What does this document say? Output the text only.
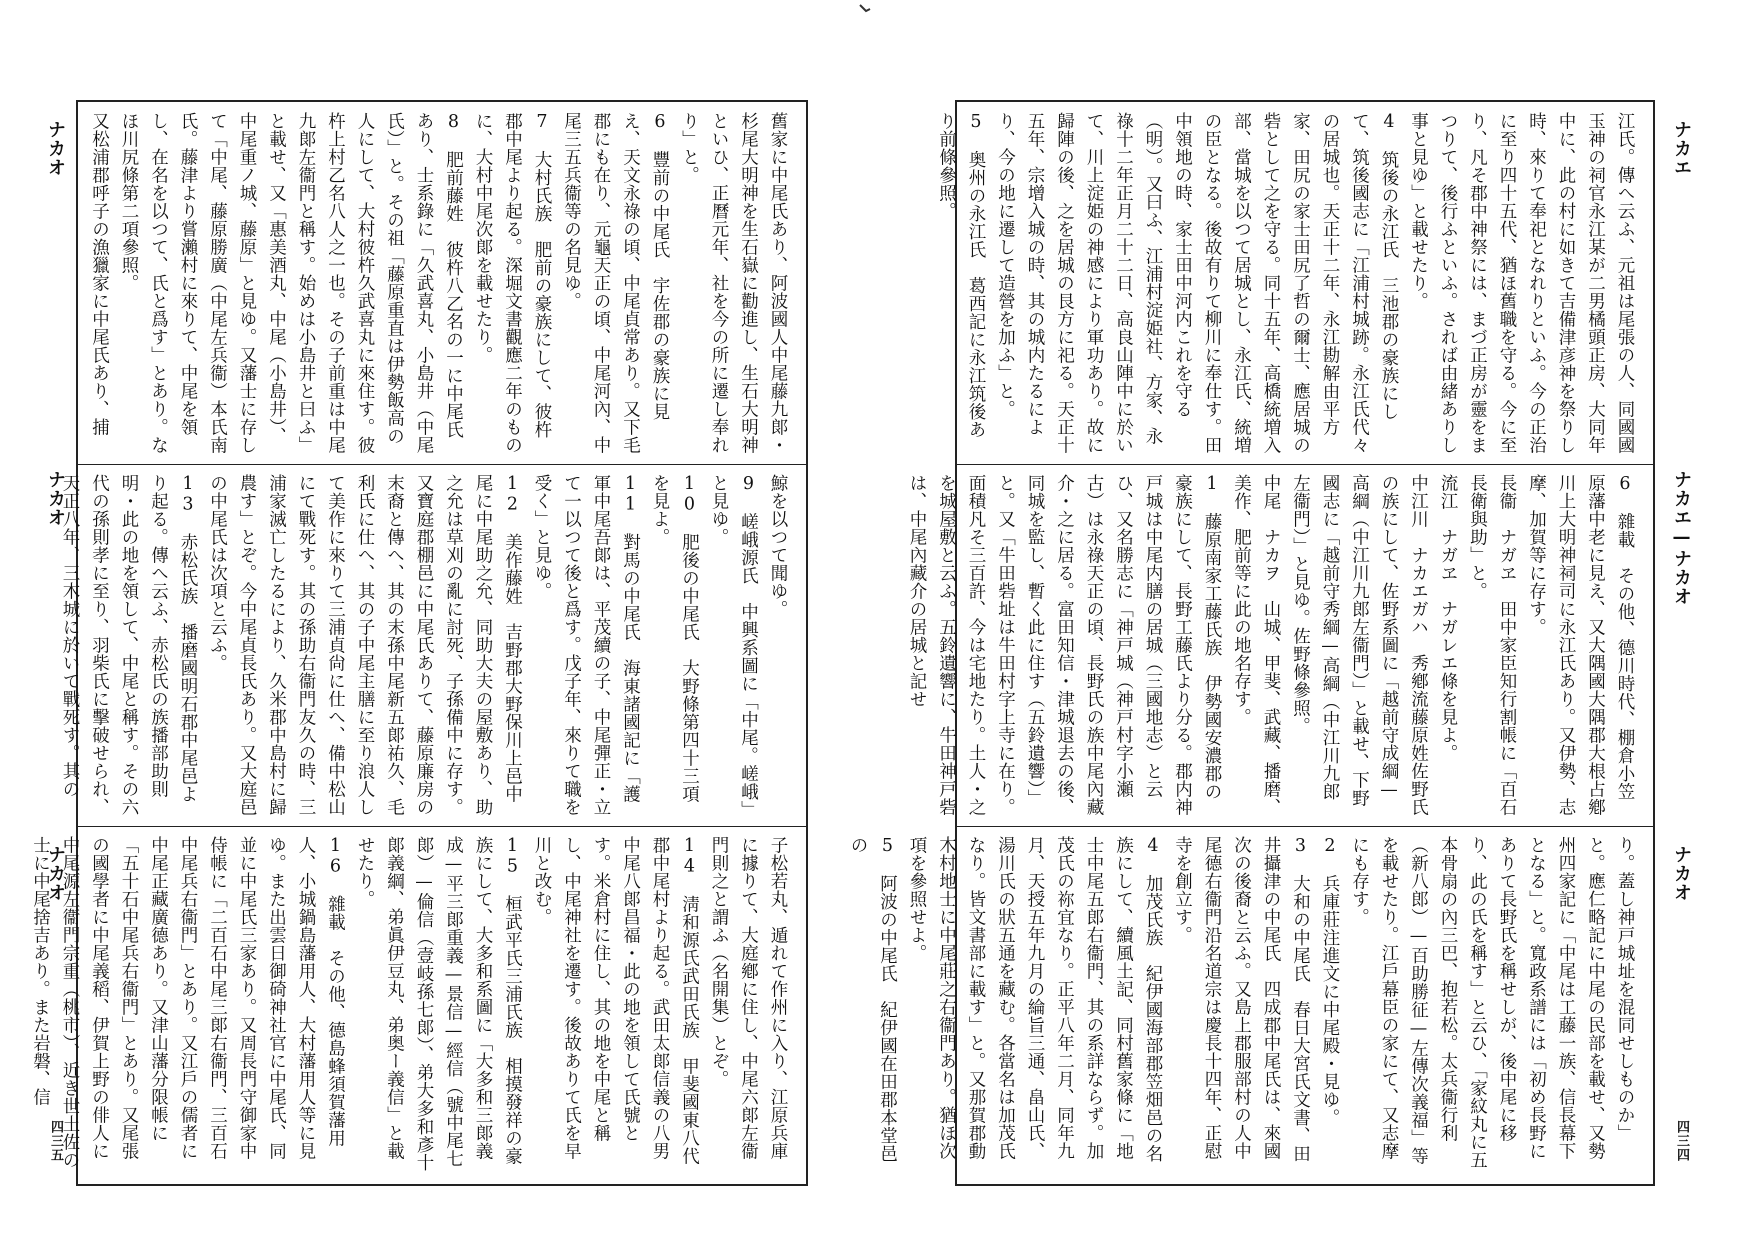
江氏。傳へ云ふ、元祖は尾張の人、同國國玉神の祠官永江某が二男橘頭正房、大同年中に、此の村に如きて吉備津彦神を祭りし時、來りて奉祀となれりといふ。今の正治に至り四十五代、猶ほ舊職を守る。今に至り、凡そ郡中神祭には、まづ正房が靈をまつりて、後行ふといふ。されば由緒ありし事と見ゆ」と載せたり。
4　筑後の永江氏　三池郡の豪族にして、筑後國志に「江浦村城跡。永江氏代々の居城也。天正十二年、永江勘解由平方家、田尻の家士田尻了哲の爾士、應居城の砦として之を守る。同十五年、高橋統増入部、當城を以つて居城とし、永江氏、統増の臣となる。後故有りて柳川に奉仕す。田中領地の時、家士田中河内これを守る（明）。又曰ふ、江浦村淀姫社、方家、永祿十二年正月二十二日、高良山陣中に於いて、川上淀姫の神感により軍功あり。故に歸陣の後、之を居城の艮方に祀る。天正十五年、宗增入城の時、其の城内たるにより、今の地に遷して造營を加ふ」と。
5　奥州の永江氏　葛西記に永江筑後あり前條參照。
6　雜載　その他、德川時代、棚倉小笠原藩中老に見え、又大隅國大隅郡大根占鄕川上大明神祠司に永江氏あり。又伊勢、志摩、加賀等に存す。
長衞　ナガヱ　田中家臣知行割帳に「百石長衛與助」と。
流江　ナガヱ　ナガレエ條を見よ。
中江川　ナカエガハ　秀鄕流藤原姓佐野氏の族にして、佐野系圖に「越前守成綱—高綱（中江川九郎左衞門）」と載せ、下野國志に「越前守秀綱—高綱（中江川九郎左衞門）」と見ゆ。佐野條參照。
中尾　ナカヲ　山城、甲斐、武藏、播磨、美作、肥前等に此の地名存す。
1　藤原南家工藤氏族　伊勢國安濃郡の豪族にして、長野工藤氏より分る。郡内神戸城は中尾内膳の居城（三國地志）と云ひ、又名勝志に「神戸城（神戸村字小瀬古）は永祿天正の頃、長野氏の族中尾內藏介・之に居る。富田知信・津城退去の後、同城を監し、暫く此に住す（五鈴遺響）」と。又「牛田砦址は牛田村字上寺に在り。面積凡そ三百許、今は宅地たり。土人・之を城屋敷と云ふ。五鈴遺響に、牛田神戸砦は、中尾內藏介の居城と記せ
り。蓋し神戸城址を混同せしものか」と。應仁略記に中尾の民部を載せ、又勢州四家記に「中尾は工藤一族、信長幕下となる」と。寬政系譜には「初め長野にありて長野氏を稱せしが、後中尾に移り、此の氏を稱す」と云ひ、「家紋丸に五本骨扇の內三巴、抱若松。太兵衞行利（新八郎）—百助勝征—左傳次義福」等を載せたり。江戶幕臣の家にて、又志摩にも存す。
2　兵庫莊注進文に中尾殿・見ゆ。
3　大和の中尾氏　春日大宮氏文書、田井攝津の中尾氏　四成郡中尾氏は、來國次の後裔と云ふ。又島上郡服部村の人中尾德右衞門沿名道宗は慶長十四年、正慰寺を創立す。
4　加茂氏族　紀伊國海部郡笠畑邑の名族にして、續風土記、同村舊家條に「地士中尾五郎右衞門、其の系詳ならず。加茂氏の祢宜なり。正平八年二月、同年九月、天授五年九月の綸旨三通、畠山氏、湯川氏の狀五通を藏む。各當名は加茂氏なり。皆文書部に載す」と。又那賀郡動木村地士に中尾莊之右衞門あり。猶ほ次項を參照せよ。
5　阿波の中尾氏　紀伊國在田郡本堂邑の
ナカエ
ナカエ—ナカオ
ナカオ
四三四
舊家に中尾氏あり、阿波國人中尾藤九郞・杉尾大明神を生石嶽に勸進し、生石大明神といひ、正曆元年、社を今の所に遷し奉れり」と。
6　豐前の中尾氏　宇佐郡の豪族に見え、天文永祿の頃、中尾貞常あり。又下毛郡にも在り、元龜天正の頃、中尾河內、中尾三五兵衞等の名見ゆ。
7　大村氏族　肥前の豪族にして、彼杵郡中尾より起る。深堀文書觀應二年のものに、大村中尾次郞を載せたり。
8　肥前藤姓　彼杵八乙名の一に中尾氏あり、士系錄に「久武喜丸、小島井（中尾氏）」と。その祖「藤原重直は伊勢飯高の人にして、大村彼杵久武喜丸に來住す。彼杵上村乙名八人之一也。その子前重は中尾九郞左衞門と稱す。始めは小島井と曰ふ」と載せ、又「惠美酒丸、中尾（小島井）、中尾重ノ城、藤原」と見ゆ。又藩士に存して「中尾、藤原勝廣（中尾左兵衞）本氏南氏。藤津より嘗瀨村に來りて、中尾を領し、在名を以つて、氏と爲す」とあり。なほ川尻條第二項參照。
又松浦郡呼子の漁獵家に中尾氏あり、捕
鯨を以つて聞ゆ。
9　嵯峨源氏　中興系圖に「中尾。嵯峨」と見ゆ。
10　肥後の中尾氏　大野條第四十三項を見よ。
11　對馬の中尾氏　海東諸國記に「護軍中尾吾郞は、平茂續の子、中尾彈正・立て一以つて後と爲す。戊子年、來りて職を受く」と見ゆ。
12　美作藤姓　吉野郡大野保川上邑中尾に中尾助之允、同助大夫の屋敷あり、助之允は草刈の亂に討死、子孫備中に存す。又寶庭郡棚邑に中尾氏ありて、藤原廉房の末裔と傳へ、其の末孫中尾新五郞祐久、毛利氏に仕へ、其の子中尾主膳に至り浪人して美作に來りて三浦貞尙に仕へ、備中松山にて戰死す。其の孫助右衞門友久の時、三浦家滅亡したるにより、久米郡中島村に歸農す」とぞ。今中尾貞長氏あり。又大庭邑の中尾氏は次項と云ふ。
13　赤松氏族　播磨國明石郡中尾邑より起る。傳へ云ふ、赤松氏の族播部助則明・此の地を領して、中尾と稱す。その六代の孫則孝に至り、羽柴氏に擊破せられ、天正八年、三木城に於いて戰死す。其の
子松若丸、遁れて作州に入り、江原兵庫に據りて、大庭鄕に住し、中尾六郞左衞門則之と謂ふ（名開集）とぞ。
14　淸和源氏武田氏族　甲斐國東八代郡中尾村より起る。武田太郞信義の八男中尾八郞昌福・此の地を領して氏號とす。米倉村に住し、其の地を中尾と稱し、中尾神社を遷す。後故ありて氏を早川と改む。
15　桓武平氏三浦氏族　相摸發祥の豪族にして、大多和系圖に「大多和三郞義成—平三郞重義—景信—經信（號中尾七郞）—倫信（壹岐孫七郞）、弟大多和彥十郞義綱、弟眞伊豆丸、弟奥ー義信」と載せたり。
16　雜載　その他、德島蜂須賀藩用人、小城鍋島藩用人、大村藩用人等に見ゆ。また出雲日御碕神社官に中尾氏、同並に中尾氏三家あり。又周長門守御家中侍帳に「二百石中尾三郞右衞門、三百石中尾兵右衞門」とあり。又江戶の儒者に中尾正藏廣德あり。又津山藩分限帳に「五十石中尾兵右衞門」とあり。又尾張の國學者に中尾義稻、伊賀上野の俳人に中尾源左衞門宗重（桃市）、近き世土佐の士に中尾捨吉あり。また岩磐、信
ナカオ
ナカオ
ナカオ
四三五
